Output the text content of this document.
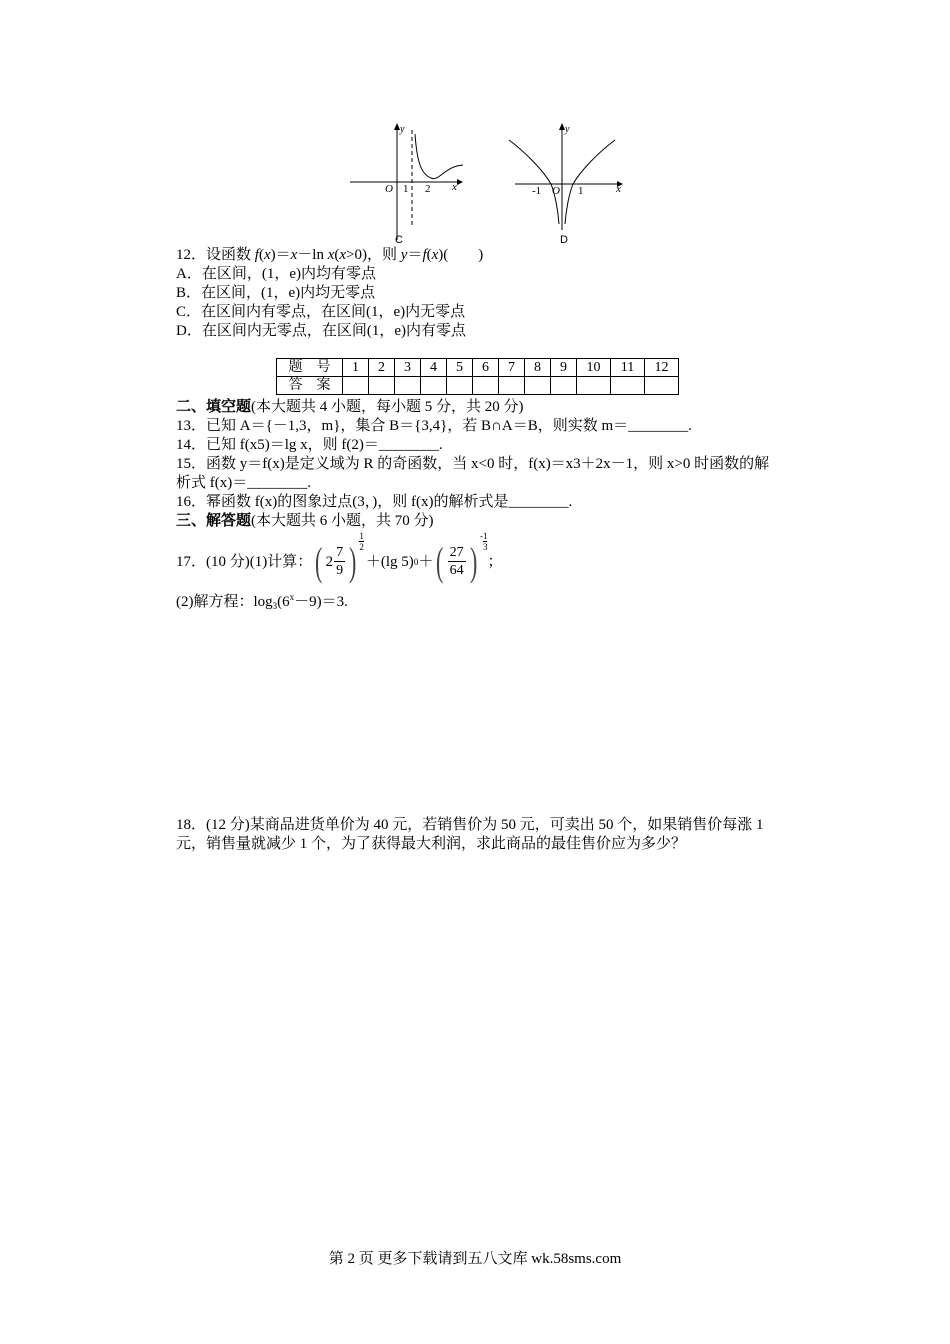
y
x
O 1 2
C
y
x
O
-1	1
D
12．设函数 f(x)＝x－ln x(x>0)，则 y＝f(x)(　　)
A．在区间，(1，e)内均有零点
B．在区间，(1，e)内均无零点
C．在区间内有零点，在区间(1，e)内无零点
D．在区间内无零点，在区间(1，e)内有零点
题　号	1	2	3	4	5	6	7	8	9	10	11	12
答　案												
二、填空题(本大题共 4 小题，每小题 5 分，共 20 分)
13．已知 A＝{－1,3，m}，集合 B＝{3,4}，若 B∩A＝B，则实数 m＝________.
14．已知 f(x5)＝lg x，则 f(2)＝________.
15．函数 y＝f(x)是定义域为 R 的奇函数，当 x<0 时，f(x)＝x3＋2x－1，则 x>0 时函数的解
析式 f(x)＝________.
16．幂函数 f(x)的图象过点(3，)，则 f(x)的解析式是________.
三、解答题(本大题共 6 小题，共 70 分)
17．(10 分)(1)计算： ( $2 \frac{7}{9}$ ) $\frac{1}{2}$
＋(lg 5) 0 ＋ ( $\frac{27}{64}$ )
- $\frac{1}{3}$
；
(2)解方程：$\log_3(6^x-9)=3$.
18．(12 分)某商品进货单价为 40 元，若销售价为 50 元，可卖出 50 个，如果销售价每涨 1
元，销售量就减少 1 个，为了获得最大利润，求此商品的最佳售价应为多少？
第 2 页 更多下载请到五八文库 wk.58sms.com
